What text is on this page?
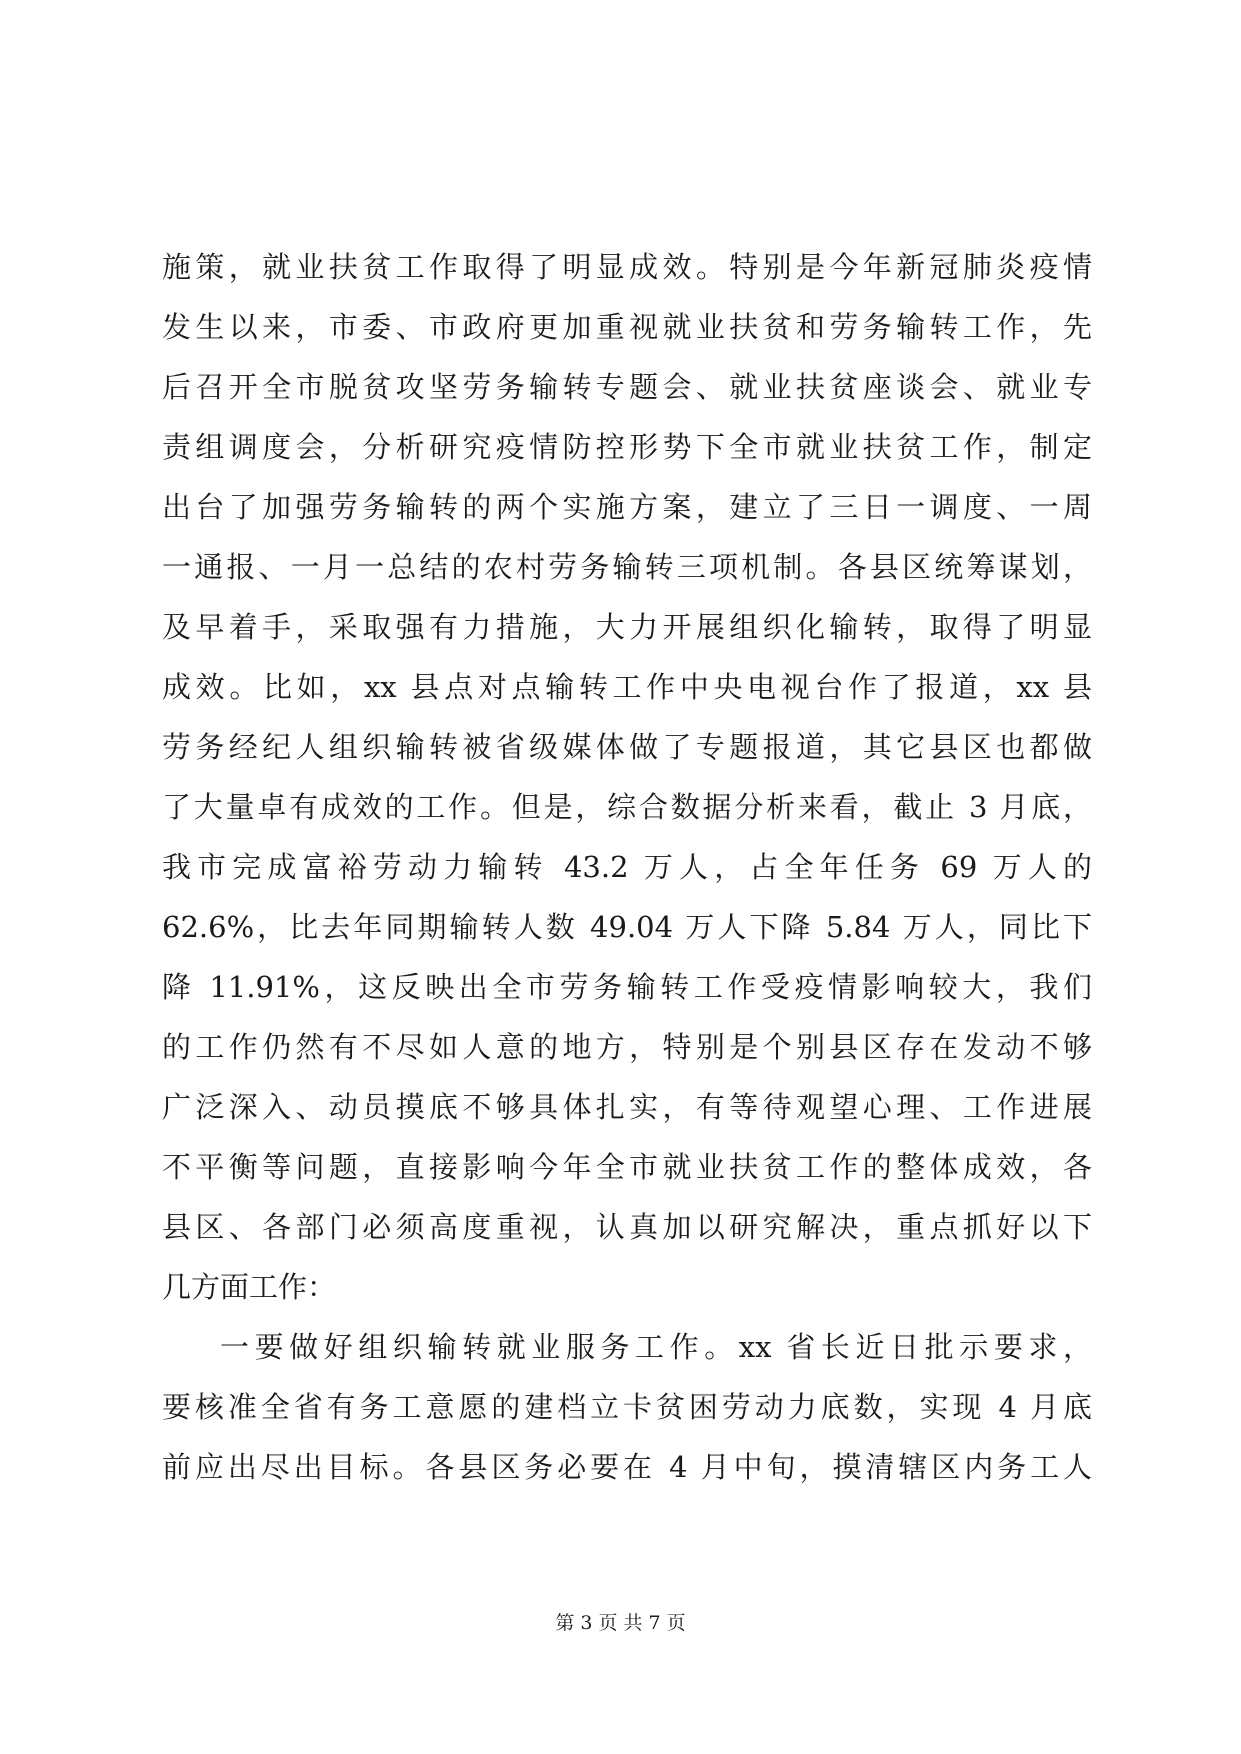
施策，就业扶贫工作取得了明显成效。特别是今年新冠肺炎疫情
发生以来，市委、市政府更加重视就业扶贫和劳务输转工作，先
后召开全市脱贫攻坚劳务输转专题会、就业扶贫座谈会、就业专
责组调度会，分析研究疫情防控形势下全市就业扶贫工作，制定
出台了加强劳务输转的两个实施方案，建立了三日一调度、一周
一通报、一月一总结的农村劳务输转三项机制。各县区统筹谋划，
及早着手，采取强有力措施，大力开展组织化输转，取得了明显
成效。比如，xx 县点对点输转工作中央电视台作了报道，xx 县
劳务经纪人组织输转被省级媒体做了专题报道，其它县区也都做
了大量卓有成效的工作。但是，综合数据分析来看，截止 3 月底，
我市完成富裕劳动力输转 43.2 万人，占全年任务 69 万人的
62.6%，比去年同期输转人数 49.04 万人下降 5.84 万人，同比下
降 11.91%，这反映出全市劳务输转工作受疫情影响较大，我们
的工作仍然有不尽如人意的地方，特别是个别县区存在发动不够
广泛深入、动员摸底不够具体扎实，有等待观望心理、工作进展
不平衡等问题，直接影响今年全市就业扶贫工作的整体成效，各
县区、各部门必须高度重视，认真加以研究解决，重点抓好以下
几方面工作：
一要做好组织输转就业服务工作。xx 省长近日批示要求，
要核准全省有务工意愿的建档立卡贫困劳动力底数，实现 4 月底
前应出尽出目标。各县区务必要在 4 月中旬，摸清辖区内务工人
第 3 页 共 7 页
